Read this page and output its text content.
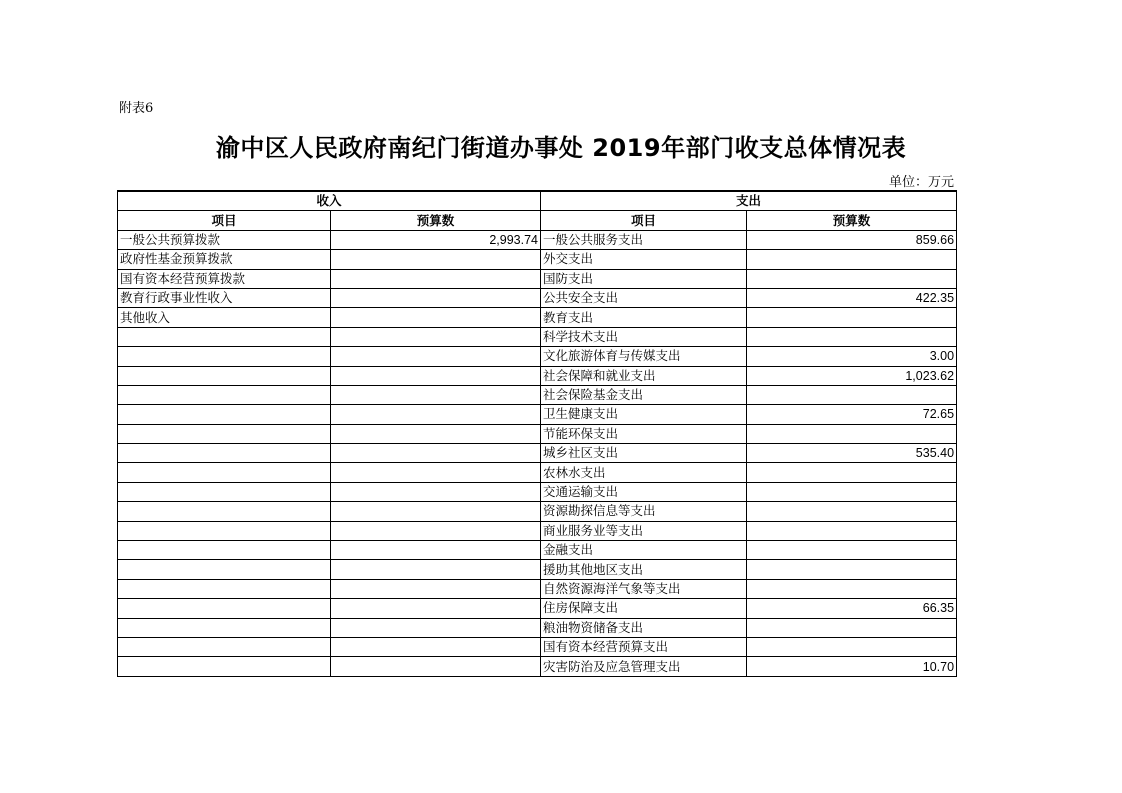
附表6
渝中区人民政府南纪门街道办事处 2019年部门收支总体情况表
单位：万元
收入		支出	
项目	预算数	项目	预算数
一般公共预算拨款	2,993.74	一般公共服务支出	859.66
政府性基金预算拨款		外交支出	
国有资本经营预算拨款		国防支出	
教育行政事业性收入		公共安全支出	422.35
其他收入		教育支出	
		科学技术支出	
		文化旅游体育与传媒支出	3.00
		社会保障和就业支出	1,023.62
		社会保险基金支出	
		卫生健康支出	72.65
		节能环保支出	
		城乡社区支出	535.40
		农林水支出	
		交通运输支出	
		资源勘探信息等支出	
		商业服务业等支出	
		金融支出	
		援助其他地区支出	
		自然资源海洋气象等支出	
		住房保障支出	66.35
		粮油物资储备支出	
		国有资本经营预算支出	
		灾害防治及应急管理支出	10.70
